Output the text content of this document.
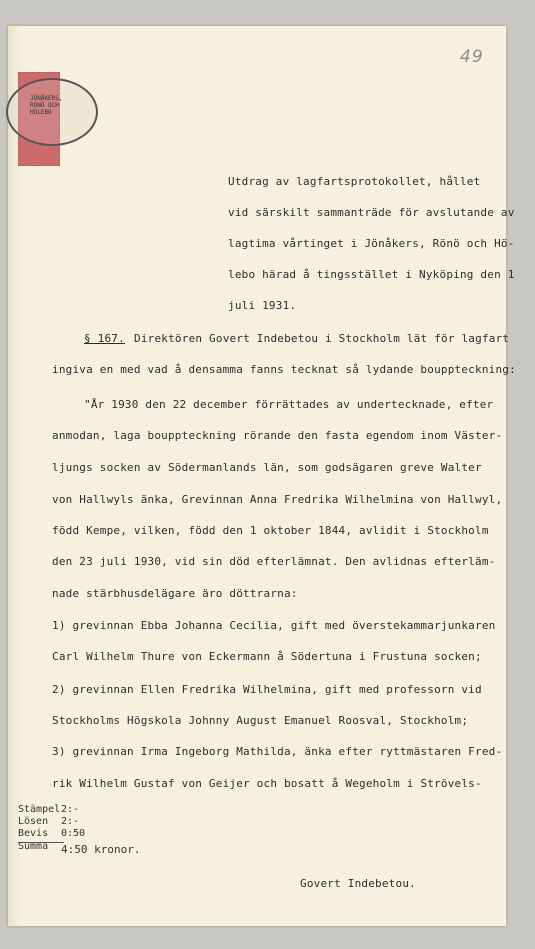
49
JÖNÅKERS, RÖNÖ OCH HÖLEBO
Utdrag av lagfartsprotokollet, hållet
vid särskilt sammanträde för avslutande av
lagtima vårtinget i Jönåkers, Rönö och Hö-
lebo härad å tingsstället i Nyköping den 1
juli 1931.
§ 167. Direktören Govert Indebetou i Stockholm lät för lagfart
ingiva en med vad å densamma fanns tecknat så lydande bouppteckning:
"År 1930 den 22 december förrättades av undertecknade, efter
anmodan, laga bouppteckning rörande den fasta egendom inom Väster-
ljungs socken av Södermanlands län, som godsägaren greve Walter
von Hallwyls änka, Grevinnan Anna Fredrika Wilhelmina von Hallwyl,
född Kempe, vilken, född den 1 oktober 1844, avlidit i Stockholm
den 23 juli 1930, vid sin död efterlämnat. Den avlidnas efterläm-
nade stärbhusdelägare äro döttrarna:
1) grevinnan Ebba Johanna Cecilia, gift med överstekammarjunkaren
Carl Wilhelm Thure von Eckermann å Södertuna i Frustuna socken;
2) grevinnan Ellen Fredrika Wilhelmina, gift med professorn vid
Stockholms Högskola Johnny August Emanuel Roosval, Stockholm;
3) grevinnan Irma Ingeborg Mathilda, änka efter ryttmästaren Fred-
rik Wilhelm Gustaf von Geijer och bosatt å Wegeholm i Strövels-
Stämpel 2:-
Lösen 2:-
Bevis 0:50
Summa 4:50 kronor.
Govert Indebetou.
